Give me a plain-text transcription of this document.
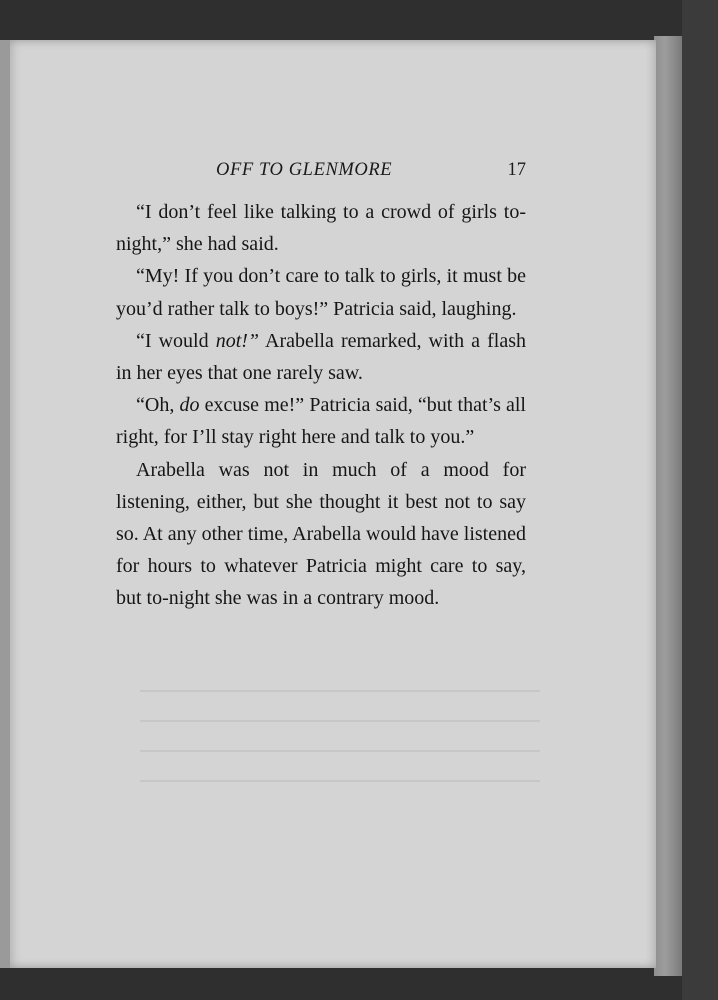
OFF TO GLENMORE	17

“I don’t feel like talking to a crowd of girls to-night,” she had said.

“My! If you don’t care to talk to girls, it must be you’d rather talk to boys!” Patricia said, laughing.

“I would not!” Arabella remarked, with a flash in her eyes that one rarely saw.

“Oh, do excuse me!” Patricia said, “but that’s all right, for I’ll stay right here and talk to you.”

Arabella was not in much of a mood for listening, either, but she thought it best not to say so. At any other time, Arabella would have listened for hours to whatever Patricia might care to say, but to-night she was in a contrary mood.
